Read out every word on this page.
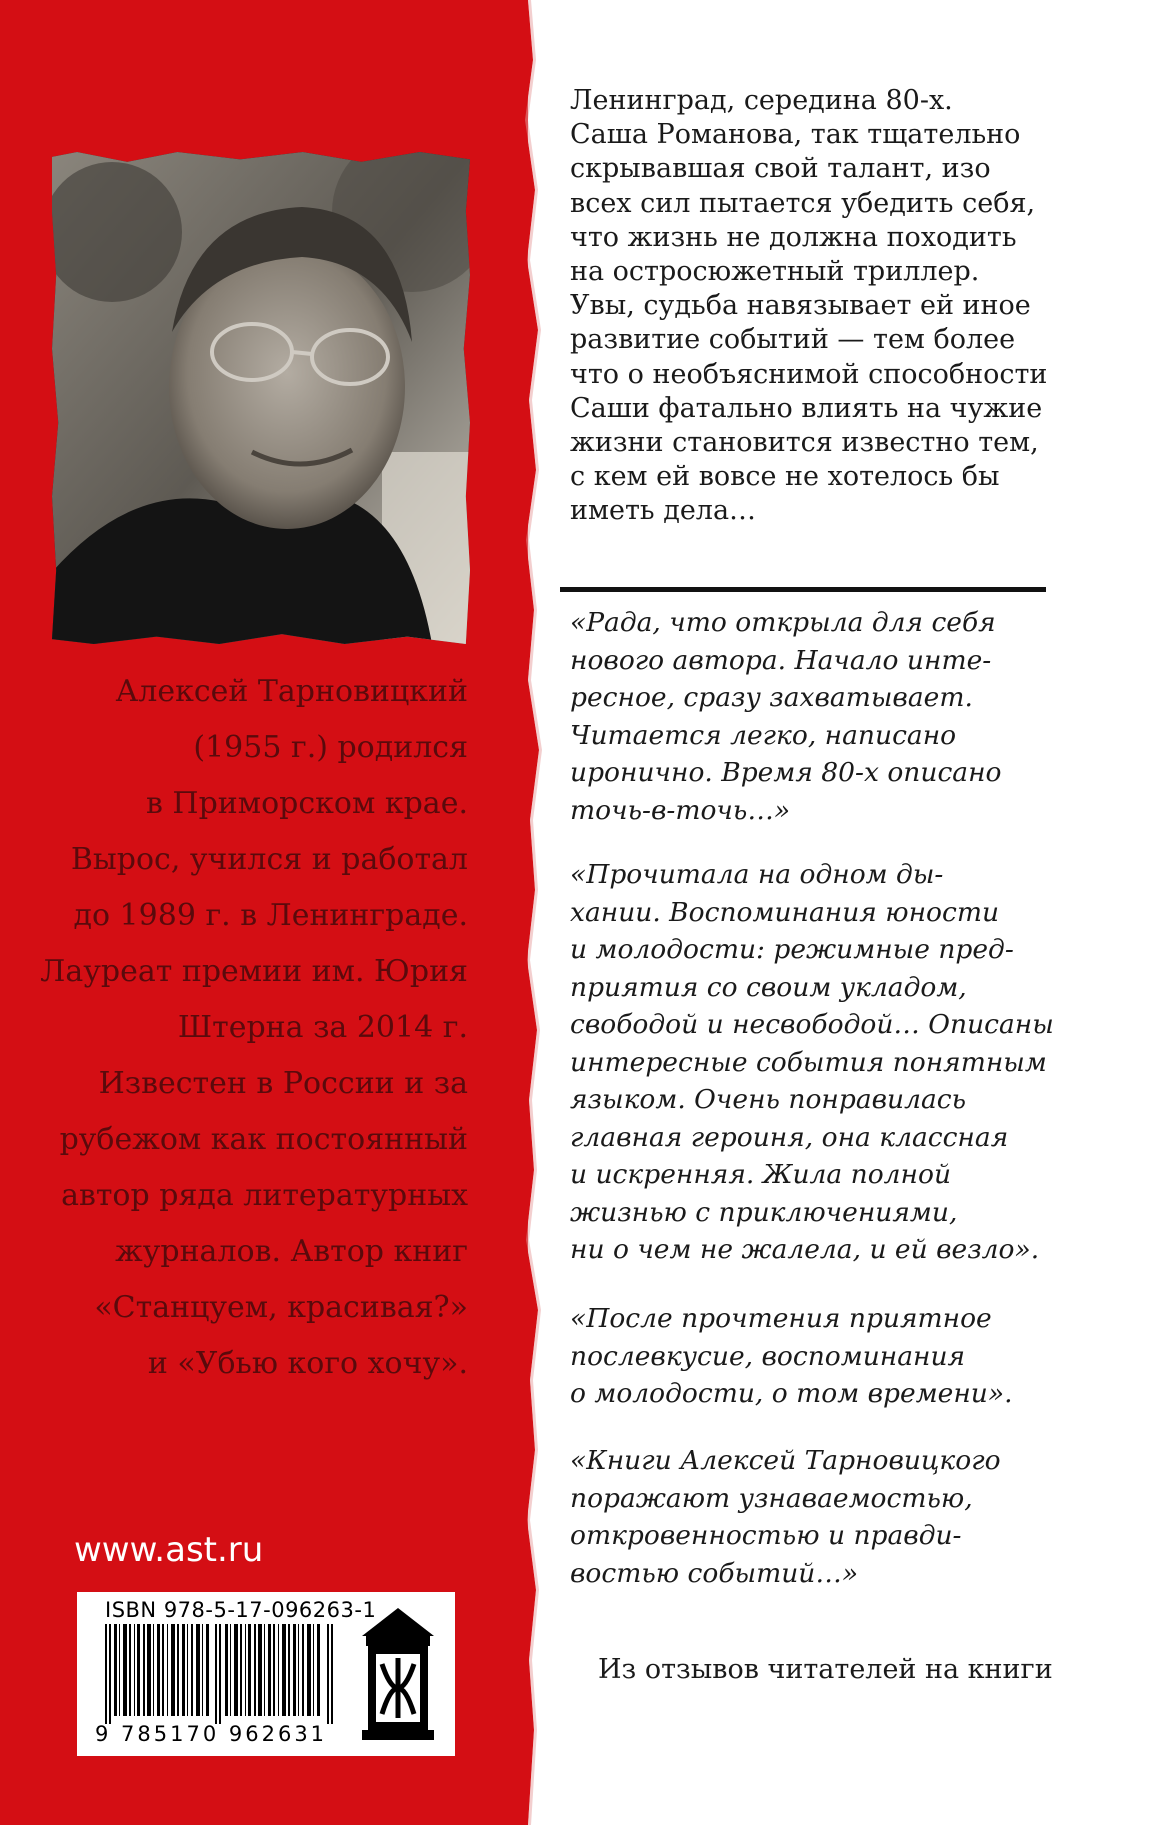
Алексей Тарновицкий
(1955 г.) родился
в Приморском крае.
Вырос, учился и работал
до 1989 г. в Ленинграде.
Лауреат премии им. Юрия
Штерна за 2014 г.
Известен в России и за
рубежом как постоянный
автор ряда литературных
журналов. Автор книг
«Станцуем, красивая?»
и «Убью кого хочу».
www.ast.ru
ISBN 978-5-17-096263-1
9 785170 962631
Ленинград, середина 80-х.
Саша Романова, так тщательно
скрывавшая свой талант, изо
всех сил пытается убедить себя,
что жизнь не должна походить
на остросюжетный триллер.
Увы, судьба навязывает ей иное
развитие событий — тем более
что о необъяснимой способности
Саши фатально влиять на чужие
жизни становится известно тем,
с кем ей вовсе не хотелось бы
иметь дела…
«Рада, что открыла для себя
нового автора. Начало инте-
ресное, сразу захватывает.
Читается легко, написано
иронично. Время 80-х описано
точь-в-точь…»
«Прочитала на одном ды-
хании. Воспоминания юности
и молодости: режимные пред-
приятия со своим укладом,
свободой и несвободой… Описаны
интересные события понятным
языком. Очень понравилась
главная героиня, она классная
и искренняя. Жила полной
жизнью с приключениями,
ни о чем не жалела, и ей везло».
«После прочтения приятное
послевкусие, воспоминания
о молодости, о том времени».
«Книги Алексей Тарновицкого
поражают узнаваемостью,
откровенностью и правди-
востью событий…»
Из отзывов читателей на книги
